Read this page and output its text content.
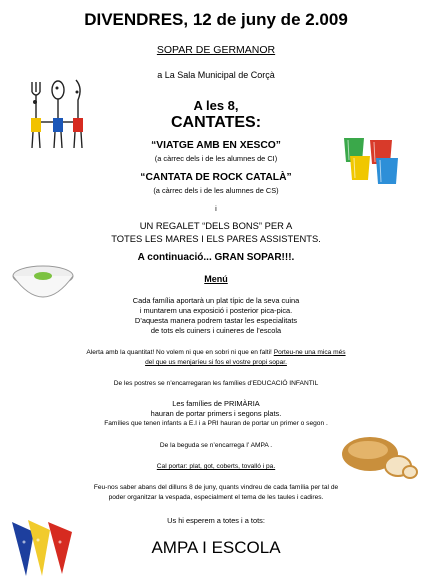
DIVENDRES, 12 de juny de 2.009
SOPAR DE GERMANOR
a La Sala Municipal de Corçà
A les 8,
CANTATES:
“VIATGE AMB EN XESCO”
(a càrrec dels i de les alumnes de CI)
“CANTATA DE ROCK CATALÀ”
(a càrrec dels i de les alumnes de CS)
i
UN REGALET “DELS BONS” PER A
TOTES LES MARES I ELS PARES ASSISTENTS.
A continuació... GRAN SOPAR!!!.
Menú
Cada família aportarà un plat típic de la seva cuina
i muntarem una exposició i posterior pica-pica.
D’aquesta manera podrem tastar les especialitats
de tots els cuiners i cuineres de l’escola
Alerta amb la quantitat! No volem ni que en sobri ni que en falti! Porteu-ne una mica més
del que us menjaríeu si fos el vostre propi sopar.
De les postres se n’encarregaran les famílies d’EDUCACIÓ INFANTIL
Les famílies de PRIMÀRIA
hauran de portar primers i segons plats.
Famílies que tenen infants a E.I i a PRI hauran de portar un primer o segon .
De la beguda se n’encarrega l’ AMPA .
Cal portar: plat, got, coberts, tovalló i pa.
Feu-nos saber abans del dilluns 8 de juny, quants vindreu de cada família per tal de
poder organitzar la vespada, especialment el tema de les taules i cadires.
Us hi esperem a totes i a tots:
AMPA I ESCOLA
